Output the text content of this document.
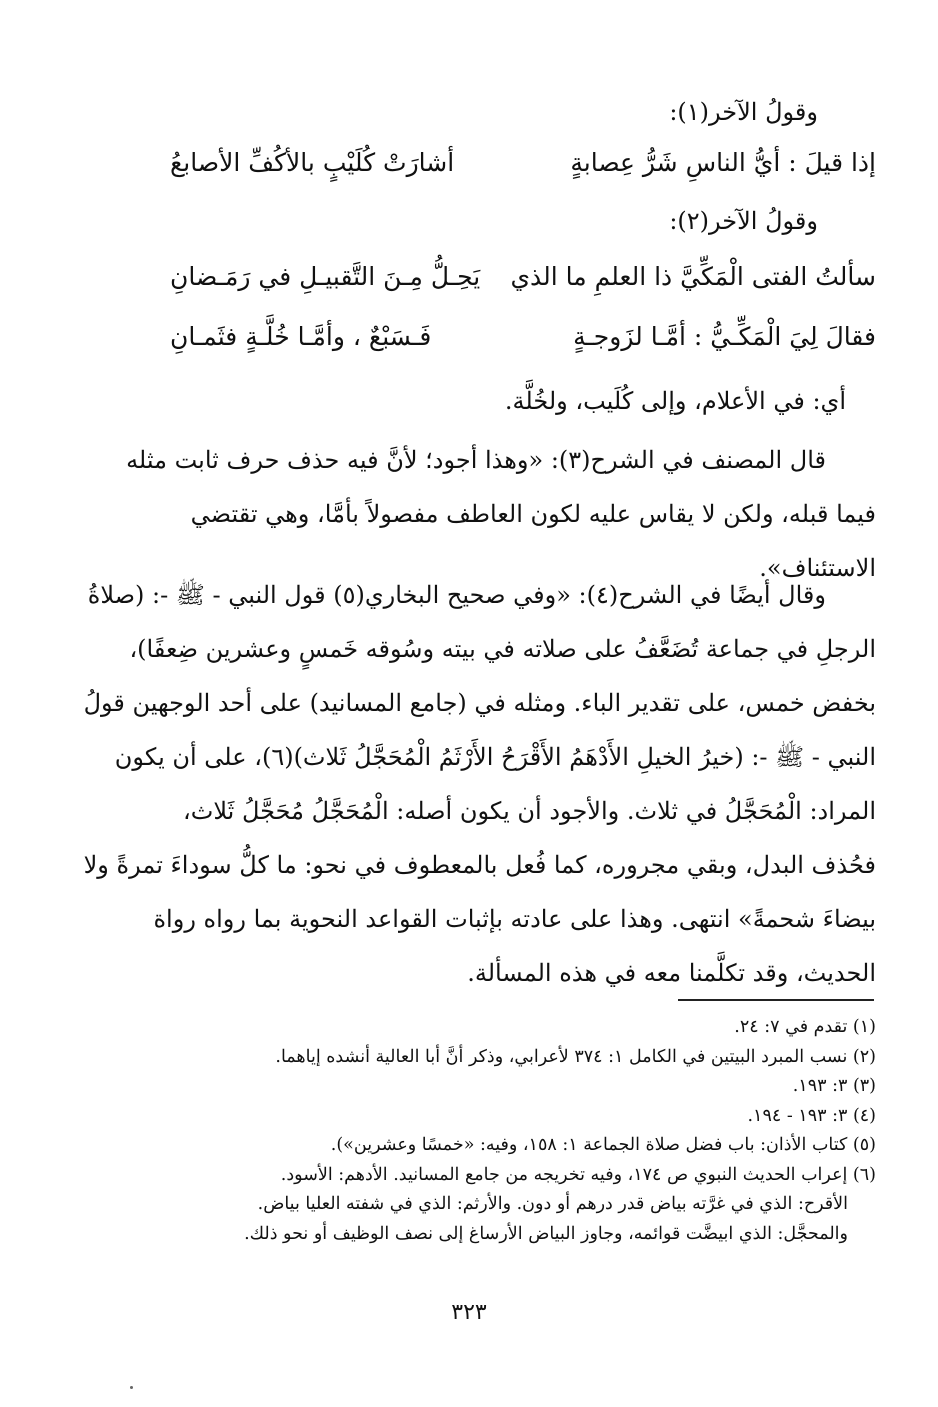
وقولُ الآخر(١):
إذا قيلَ : أيُّ الناسِ شَرُّ عِصابةٍ
أشارَتْ كُلَيْبٍ بالأكُفِّ الأصابعُ
وقولُ الآخر(٢):
سألتُ الفتى الْمَكِّيَّ ذا العلمِ ما الذي
يَحِـلُّ مِـنَ التَّقبيـلِ في رَمَـضانِ
فقالَ لِيَ الْمَكِّـيُّ : أمَّـا لزَوجـةٍ
فَـسَبْعٌ ، وأمَّـا خُلَّـةٍ فثَمـانِ
أي: في الأعلام، وإلى كُلَيب، ولخُلَّة.
قال المصنف في الشرح(٣): «وهذا أجود؛ لأنَّ فيه حذف حرف ثابت مثله
فيما قبله، ولكن لا يقاس عليه لكون العاطف مفصولاً بأمَّا، وهي تقتضي
الاستئناف».
وقال أيضًا في الشرح(٤): «وفي صحيح البخاري(٥) قول النبي - ﷺ -: (صلاةُ
الرجلِ في جماعة تُضَعَّفُ على صلاته في بيته وسُوقه خَمسٍ وعشرين ضِعفًا)،
بخفض خمس، على تقدير الباء. ومثله في (جامع المسانيد) على أحد الوجهين قولُ
النبي - ﷺ -: (خيرُ الخيلِ الأَدْهَمُ الأَقْرَحُ الأَرْثَمُ الْمُحَجَّلُ ثَلاث)(٦)، على أن يكون
المراد: الْمُحَجَّلُ في ثلاث. والأجود أن يكون أصله: الْمُحَجَّلُ مُحَجَّلُ ثَلاث،
فحُذف البدل، وبقي مجروره، كما فُعل بالمعطوف في نحو: ما كلُّ سوداءَ تمرةً ولا
بيضاءَ شحمةً» انتهى. وهذا على عادته بإثبات القواعد النحوية بما رواه رواة
الحديث، وقد تكلَّمنا معه في هذه المسألة.
(١) تقدم في ٧: ٢٤.
(٢) نسب المبرد البيتين في الكامل ١: ٣٧٤ لأعرابي، وذكر أنَّ أبا العالية أنشده إياهما.
(٣) ٣: ١٩٣.
(٤) ٣: ١٩٣ - ١٩٤.
(٥) كتاب الأذان: باب فضل صلاة الجماعة ١: ١٥٨، وفيه: «خمسًا وعشرين»).
(٦) إعراب الحديث النبوي ص ١٧٤، وفيه تخريجه من جامع المسانيد. الأدهم: الأسود.
الأقرح: الذي في غرَّته بياض قدر درهم أو دون. والأرثم: الذي في شفته العليا بياض.
والمحجَّل: الذي ابيضَّت قوائمه، وجاوز البياض الأرساغ إلى نصف الوظيف أو نحو ذلك.
٣٢٣
